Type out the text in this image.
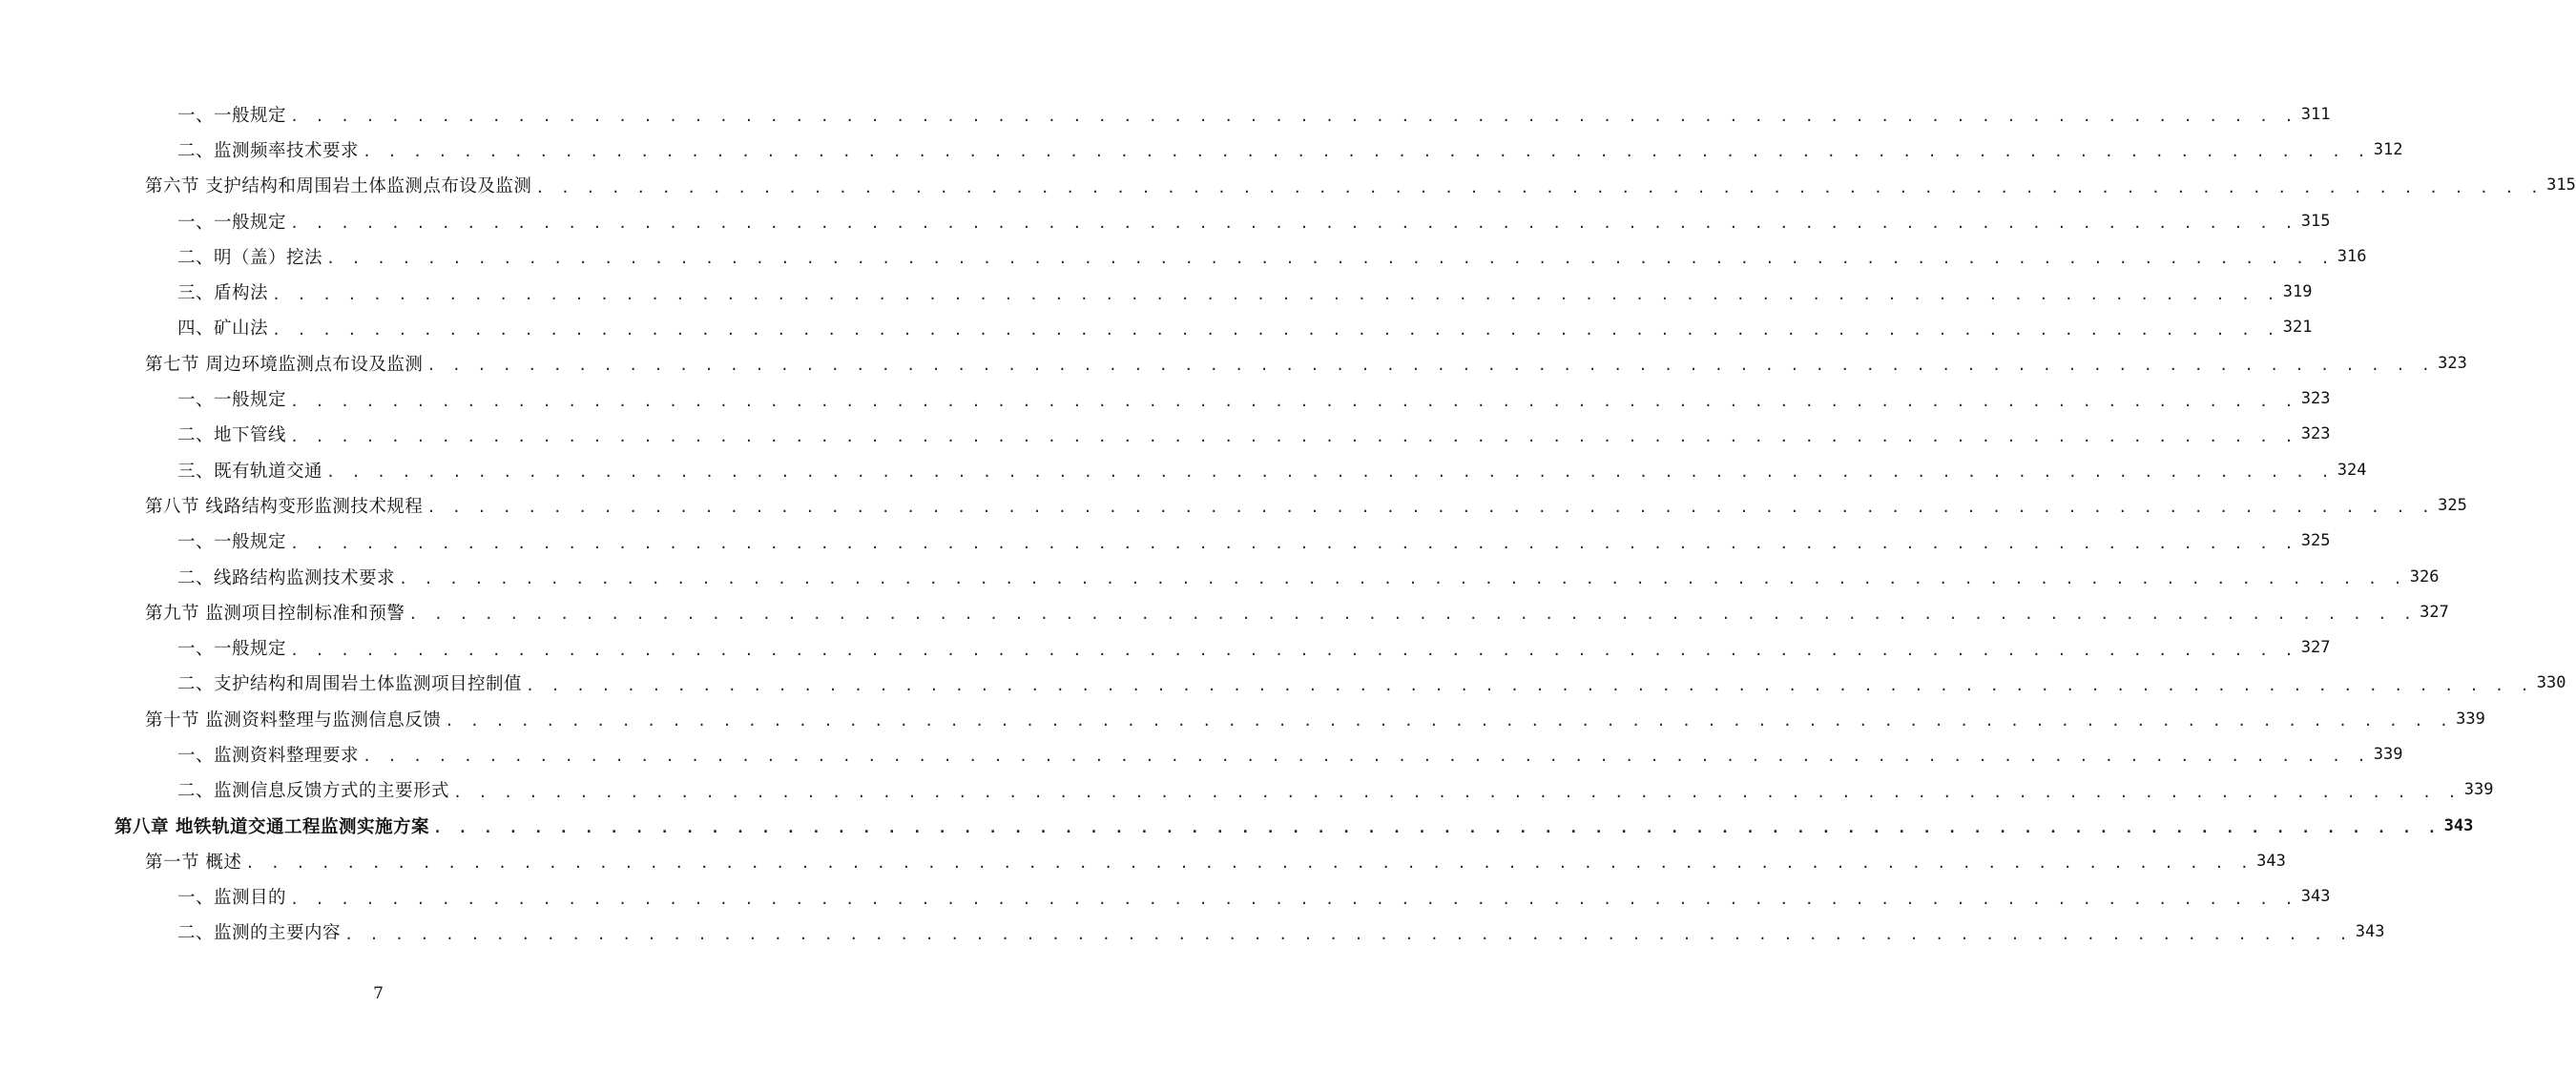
一、一般规定 . . . . . . . . . . . . . . . . . . . . . . . . . . . . . . . . . . . . . . . . . . . . . . . . . . . . . . . . . . . . . . . . . . . . . . . . . . . . . . . . 311
二、监测频率技术要求 . . . . . . . . . . . . . . . . . . . . . . . . . . . . . . . . . . . . . . . . . . . . . . . . . . . . . . . . . . . . . . . . . . . . . . . . . . . . . . . . 312
第六节 支护结构和周围岩土体监测点布设及监测 . . . . . . . . . . . . . . . . . . . . . . . . . . . . . . . . . . . . . . . . . . . . . . . . . . . . . . . . . . . . . . . . . . . . . . . . . . . . . . . . 315
一、一般规定 . . . . . . . . . . . . . . . . . . . . . . . . . . . . . . . . . . . . . . . . . . . . . . . . . . . . . . . . . . . . . . . . . . . . . . . . . . . . . . . . 315
二、明（盖）挖法 . . . . . . . . . . . . . . . . . . . . . . . . . . . . . . . . . . . . . . . . . . . . . . . . . . . . . . . . . . . . . . . . . . . . . . . . . . . . . . . . 316
三、盾构法 . . . . . . . . . . . . . . . . . . . . . . . . . . . . . . . . . . . . . . . . . . . . . . . . . . . . . . . . . . . . . . . . . . . . . . . . . . . . . . . . 319
四、矿山法 . . . . . . . . . . . . . . . . . . . . . . . . . . . . . . . . . . . . . . . . . . . . . . . . . . . . . . . . . . . . . . . . . . . . . . . . . . . . . . . . 321
第七节 周边环境监测点布设及监测 . . . . . . . . . . . . . . . . . . . . . . . . . . . . . . . . . . . . . . . . . . . . . . . . . . . . . . . . . . . . . . . . . . . . . . . . . . . . . . . . 323
一、一般规定 . . . . . . . . . . . . . . . . . . . . . . . . . . . . . . . . . . . . . . . . . . . . . . . . . . . . . . . . . . . . . . . . . . . . . . . . . . . . . . . . 323
二、地下管线 . . . . . . . . . . . . . . . . . . . . . . . . . . . . . . . . . . . . . . . . . . . . . . . . . . . . . . . . . . . . . . . . . . . . . . . . . . . . . . . . 323
三、既有轨道交通 . . . . . . . . . . . . . . . . . . . . . . . . . . . . . . . . . . . . . . . . . . . . . . . . . . . . . . . . . . . . . . . . . . . . . . . . . . . . . . . . 324
第八节 线路结构变形监测技术规程 . . . . . . . . . . . . . . . . . . . . . . . . . . . . . . . . . . . . . . . . . . . . . . . . . . . . . . . . . . . . . . . . . . . . . . . . . . . . . . . . 325
一、一般规定 . . . . . . . . . . . . . . . . . . . . . . . . . . . . . . . . . . . . . . . . . . . . . . . . . . . . . . . . . . . . . . . . . . . . . . . . . . . . . . . . 325
二、线路结构监测技术要求 . . . . . . . . . . . . . . . . . . . . . . . . . . . . . . . . . . . . . . . . . . . . . . . . . . . . . . . . . . . . . . . . . . . . . . . . . . . . . . . . 326
第九节 监测项目控制标准和预警 . . . . . . . . . . . . . . . . . . . . . . . . . . . . . . . . . . . . . . . . . . . . . . . . . . . . . . . . . . . . . . . . . . . . . . . . . . . . . . . . 327
一、一般规定 . . . . . . . . . . . . . . . . . . . . . . . . . . . . . . . . . . . . . . . . . . . . . . . . . . . . . . . . . . . . . . . . . . . . . . . . . . . . . . . . 327
二、支护结构和周围岩土体监测项目控制值 . . . . . . . . . . . . . . . . . . . . . . . . . . . . . . . . . . . . . . . . . . . . . . . . . . . . . . . . . . . . . . . . . . . . . . . . . . . . . . . . 330
第十节 监测资料整理与监测信息反馈 . . . . . . . . . . . . . . . . . . . . . . . . . . . . . . . . . . . . . . . . . . . . . . . . . . . . . . . . . . . . . . . . . . . . . . . . . . . . . . . . 339
一、监测资料整理要求 . . . . . . . . . . . . . . . . . . . . . . . . . . . . . . . . . . . . . . . . . . . . . . . . . . . . . . . . . . . . . . . . . . . . . . . . . . . . . . . . 339
二、监测信息反馈方式的主要形式 . . . . . . . . . . . . . . . . . . . . . . . . . . . . . . . . . . . . . . . . . . . . . . . . . . . . . . . . . . . . . . . . . . . . . . . . . . . . . . . . 339
第八章 地铁轨道交通工程监测实施方案 . . . . . . . . . . . . . . . . . . . . . . . . . . . . . . . . . . . . . . . . . . . . . . . . . . . . . . . . . . . . . . . . . . . . . . . . . . . . . . . . 343
第一节 概述 . . . . . . . . . . . . . . . . . . . . . . . . . . . . . . . . . . . . . . . . . . . . . . . . . . . . . . . . . . . . . . . . . . . . . . . . . . . . . . . . 343
一、监测目的 . . . . . . . . . . . . . . . . . . . . . . . . . . . . . . . . . . . . . . . . . . . . . . . . . . . . . . . . . . . . . . . . . . . . . . . . . . . . . . . . 343
二、监测的主要内容 . . . . . . . . . . . . . . . . . . . . . . . . . . . . . . . . . . . . . . . . . . . . . . . . . . . . . . . . . . . . . . . . . . . . . . . . . . . . . . . . 343
7
